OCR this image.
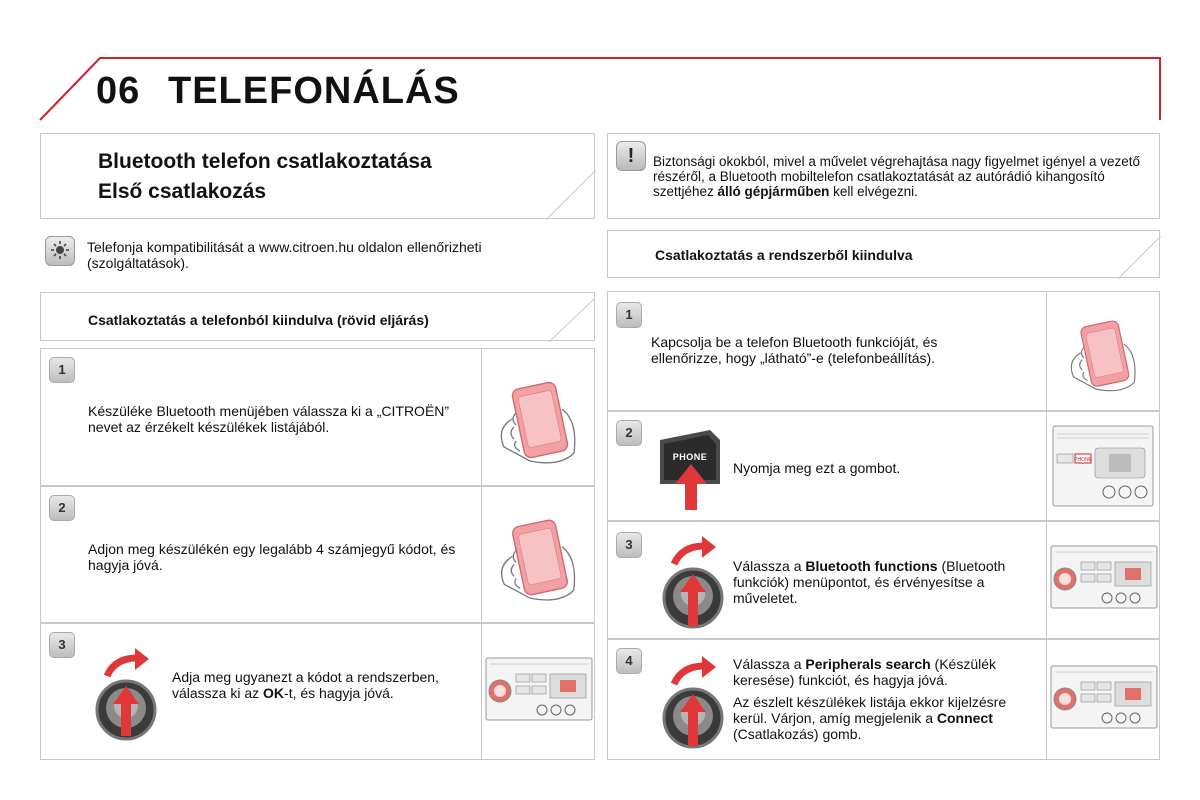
06 TELEFONÁLÁS
Bluetooth telefon csatlakoztatása
Első csatlakozás
!	Biztonsági okokból, mivel a művelet végrehajtása nagy figyelmet igényel a vezető részéről, a Bluetooth mobiltelefon csatlakoztatását az autórádió kihangosító szettjéhez álló gépjárműben kell elvégezni.
Telefonja kompatibilitását a www.citroen.hu oldalon ellenőrizheti (szolgáltatások).	Csatlakoztatás a rendszerből kiindulva
Csatlakoztatás a telefonból kiindulva (rövid eljárás)
1
Készüléke Bluetooth menüjében válassza ki a „CITROËN” nevet az érzékelt készülékek listájából.
2
Adjon meg készülékén egy legalább 4 számjegyű kódot, és hagyja jóvá.
3
Adja meg ugyanezt a kódot a rendszerben, válassza ki az OK-t, és hagyja jóvá.
1
Kapcsolja be a telefon Bluetooth funkcióját, és ellenőrizze, hogy „látható”-e (telefonbeállítás).
2
PHONE
Nyomja meg ezt a gombot.	PHONE
3
Válassza a Bluetooth functions (Bluetooth funkciók) menüpontot, és érvényesítse a műveletet.
4	Válassza a Peripherals search (Készülék keresése) funkciót, és hagyja jóvá.
Az észlelt készülékek listája ekkor kijelzésre kerül. Várjon, amíg megjelenik a Connect (Csatlakozás) gomb.
